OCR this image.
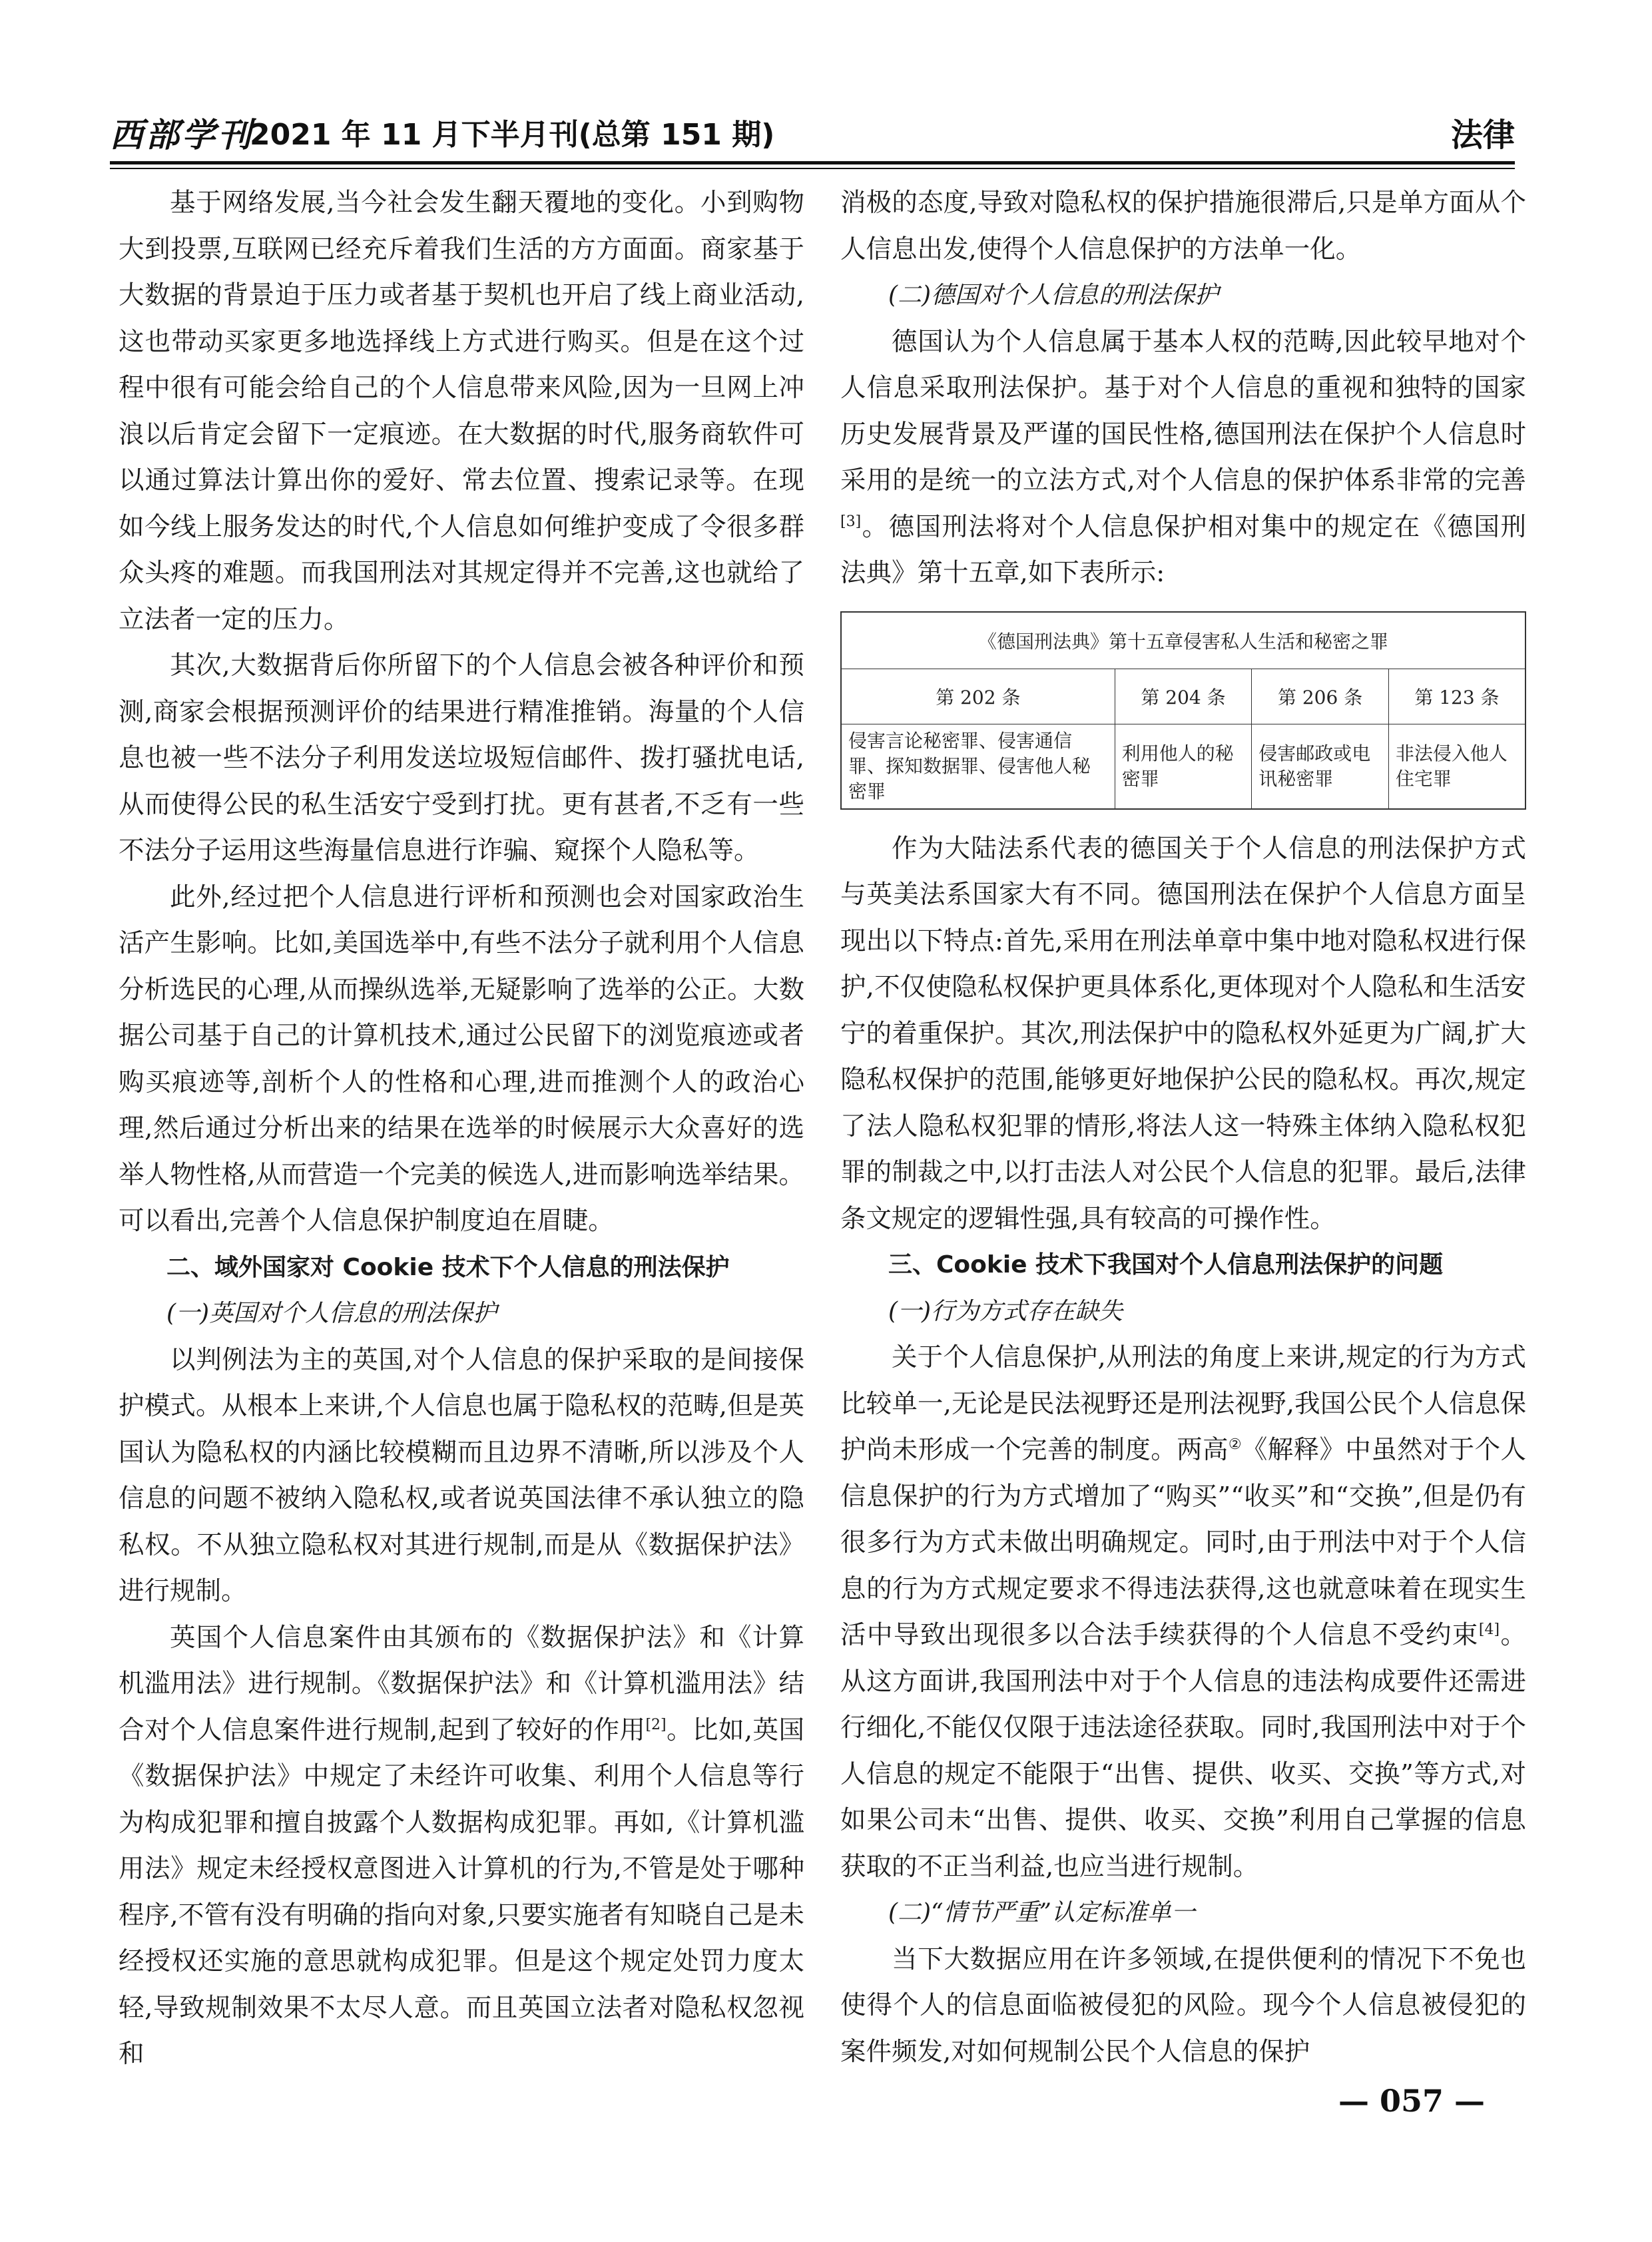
西部学刊
2021 年 11 月下半月刊(总第 151 期)	法律

基于网络发展,当今社会发生翻天覆地的变化。小到购物大到投票,互联网已经充斥着我们生活的方方面面。商家基于大数据的背景迫于压力或者基于契机也开启了线上商业活动,这也带动买家更多地选择线上方式进行购买。但是在这个过程中很有可能会给自己的个人信息带来风险,因为一旦网上冲浪以后肯定会留下一定痕迹。在大数据的时代,服务商软件可以通过算法计算出你的爱好、常去位置、搜索记录等。在现如今线上服务发达的时代,个人信息如何维护变成了令很多群众头疼的难题。而我国刑法对其规定得并不完善,这也就给了立法者一定的压力。

其次,大数据背后你所留下的个人信息会被各种评价和预测,商家会根据预测评价的结果进行精准推销。海量的个人信息也被一些不法分子利用发送垃圾短信邮件、拨打骚扰电话,从而使得公民的私生活安宁受到打扰。更有甚者,不乏有一些不法分子运用这些海量信息进行诈骗、窥探个人隐私等。

此外,经过把个人信息进行评析和预测也会对国家政治生活产生影响。比如,美国选举中,有些不法分子就利用个人信息分析选民的心理,从而操纵选举,无疑影响了选举的公正。大数据公司基于自己的计算机技术,通过公民留下的浏览痕迹或者购买痕迹等,剖析个人的性格和心理,进而推测个人的政治心理,然后通过分析出来的结果在选举的时候展示大众喜好的选举人物性格,从而营造一个完美的候选人,进而影响选举结果。可以看出,完善个人信息保护制度迫在眉睫。

二、域外国家对 Cookie 技术下个人信息的刑法保护

(一)英国对个人信息的刑法保护

以判例法为主的英国,对个人信息的保护采取的是间接保护模式。从根本上来讲,个人信息也属于隐私权的范畴,但是英国认为隐私权的内涵比较模糊而且边界不清晰,所以涉及个人信息的问题不被纳入隐私权,或者说英国法律不承认独立的隐私权。不从独立隐私权对其进行规制,而是从《数据保护法》进行规制。

英国个人信息案件由其颁布的《数据保护法》和《计算机滥用法》进行规制。《数据保护法》和《计算机滥用法》结合对个人信息案件进行规制,起到了较好的作用[2]。比如,英国《数据保护法》中规定了未经许可收集、利用个人信息等行为构成犯罪和擅自披露个人数据构成犯罪。再如,《计算机滥用法》规定未经授权意图进入计算机的行为,不管是处于哪种程序,不管有没有明确的指向对象,只要实施者有知晓自己是未经授权还实施的意思就构成犯罪。但是这个规定处罚力度太轻,导致规制效果不太尽人意。而且英国立法者对隐私权忽视和

消极的态度,导致对隐私权的保护措施很滞后,只是单方面从个人信息出发,使得个人信息保护的方法单一化。

(二)德国对个人信息的刑法保护

德国认为个人信息属于基本人权的范畴,因此较早地对个人信息采取刑法保护。基于对个人信息的重视和独特的国家历史发展背景及严谨的国民性格,德国刑法在保护个人信息时采用的是统一的立法方式,对个人信息的保护体系非常的完善[3]。德国刑法将对个人信息保护相对集中的规定在《德国刑法典》第十五章,如下表所示:

《德国刑法典》第十五章侵害私人生活和秘密之罪			
第 202 条	第 204 条	第 206 条	第 123 条
侵害言论秘密罪、侵害通信罪、探知数据罪、侵害他人秘密罪	利用他人的秘密罪	侵害邮政或电讯秘密罪	非法侵入他人住宅罪

作为大陆法系代表的德国关于个人信息的刑法保护方式与英美法系国家大有不同。德国刑法在保护个人信息方面呈现出以下特点:首先,采用在刑法单章中集中地对隐私权进行保护,不仅使隐私权保护更具体系化,更体现对个人隐私和生活安宁的着重保护。其次,刑法保护中的隐私权外延更为广阔,扩大隐私权保护的范围,能够更好地保护公民的隐私权。再次,规定了法人隐私权犯罪的情形,将法人这一特殊主体纳入隐私权犯罪的制裁之中,以打击法人对公民个人信息的犯罪。最后,法律条文规定的逻辑性强,具有较高的可操作性。

三、Cookie 技术下我国对个人信息刑法保护的问题

(一)行为方式存在缺失

关于个人信息保护,从刑法的角度上来讲,规定的行为方式比较单一,无论是民法视野还是刑法视野,我国公民个人信息保护尚未形成一个完善的制度。两高②《解释》中虽然对于个人信息保护的行为方式增加了“购买”“收买”和“交换”,但是仍有很多行为方式未做出明确规定。同时,由于刑法中对于个人信息的行为方式规定要求不得违法获得,这也就意味着在现实生活中导致出现很多以合法手续获得的个人信息不受约束[4]。从这方面讲,我国刑法中对于个人信息的违法构成要件还需进行细化,不能仅仅限于违法途径获取。同时,我国刑法中对于个人信息的规定不能限于“出售、提供、收买、交换”等方式,对如果公司未“出售、提供、收买、交换”利用自己掌握的信息获取的不正当利益,也应当进行规制。

(二)“情节严重”认定标准单一

当下大数据应用在许多领域,在提供便利的情况下不免也使得个人的信息面临被侵犯的风险。现今个人信息被侵犯的案件频发,对如何规制公民个人信息的保护

— 057 —
